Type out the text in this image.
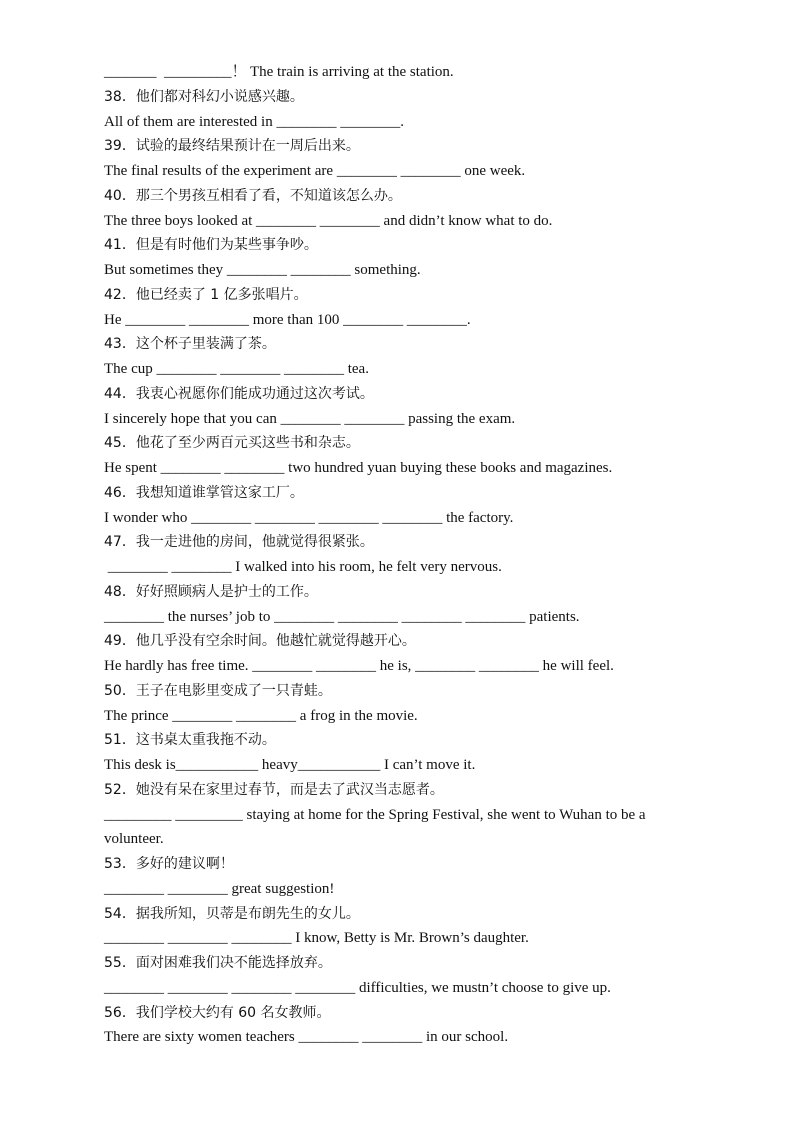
_______  _________！ The train is arriving at the station.
38．他们都对科幻小说感兴趣。
All of them are interested in ________ ________.
39．试验的最终结果预计在一周后出来。
The final results of the experiment are ________ ________ one week.
40．那三个男孩互相看了看，不知道该怎么办。
The three boys looked at ________ ________ and didn’t know what to do.
41．但是有时他们为某些事争吵。
But sometimes they ________ ________ something.
42．他已经卖了 1 亿多张唱片。
He ________ ________ more than 100 ________ ________.
43．这个杯子里装满了茶。
The cup ________ ________ ________ tea.
44．我衷心祝愿你们能成功通过这次考试。
I sincerely hope that you can ________ ________ passing the exam.
45．他花了至少两百元买这些书和杂志。
He spent ________ ________ two hundred yuan buying these books and magazines.
46．我想知道谁掌管这家工厂。
I wonder who ________ ________ ________ ________ the factory.
47．我一走进他的房间，他就觉得很紧张。
________ ________ I walked into his room, he felt very nervous.
48．好好照顾病人是护士的工作。
________ the nurses’ job to ________ ________ ________ ________ patients.
49．他几乎没有空余时间。他越忙就觉得越开心。
He hardly has free time. ________ ________ he is, ________ ________ he will feel.
50．王子在电影里变成了一只青蛙。
The prince ________ ________ a frog in the movie.
51．这书桌太重我拖不动。
This desk is___________ heavy___________ I can’t move it.
52．她没有呆在家里过春节，而是去了武汉当志愿者。
_________ _________ staying at home for the Spring Festival, she went to Wuhan to be a
volunteer.
53．多好的建议啊！
________ ________ great suggestion!
54．据我所知，贝蒂是布朗先生的女儿。
________ ________ ________ I know, Betty is Mr. Brown’s daughter.
55．面对困难我们决不能选择放弃。
________ ________ ________ ________ difficulties, we mustn’t choose to give up.
56．我们学校大约有 60 名女教师。
There are sixty women teachers ________ ________ in our school.
